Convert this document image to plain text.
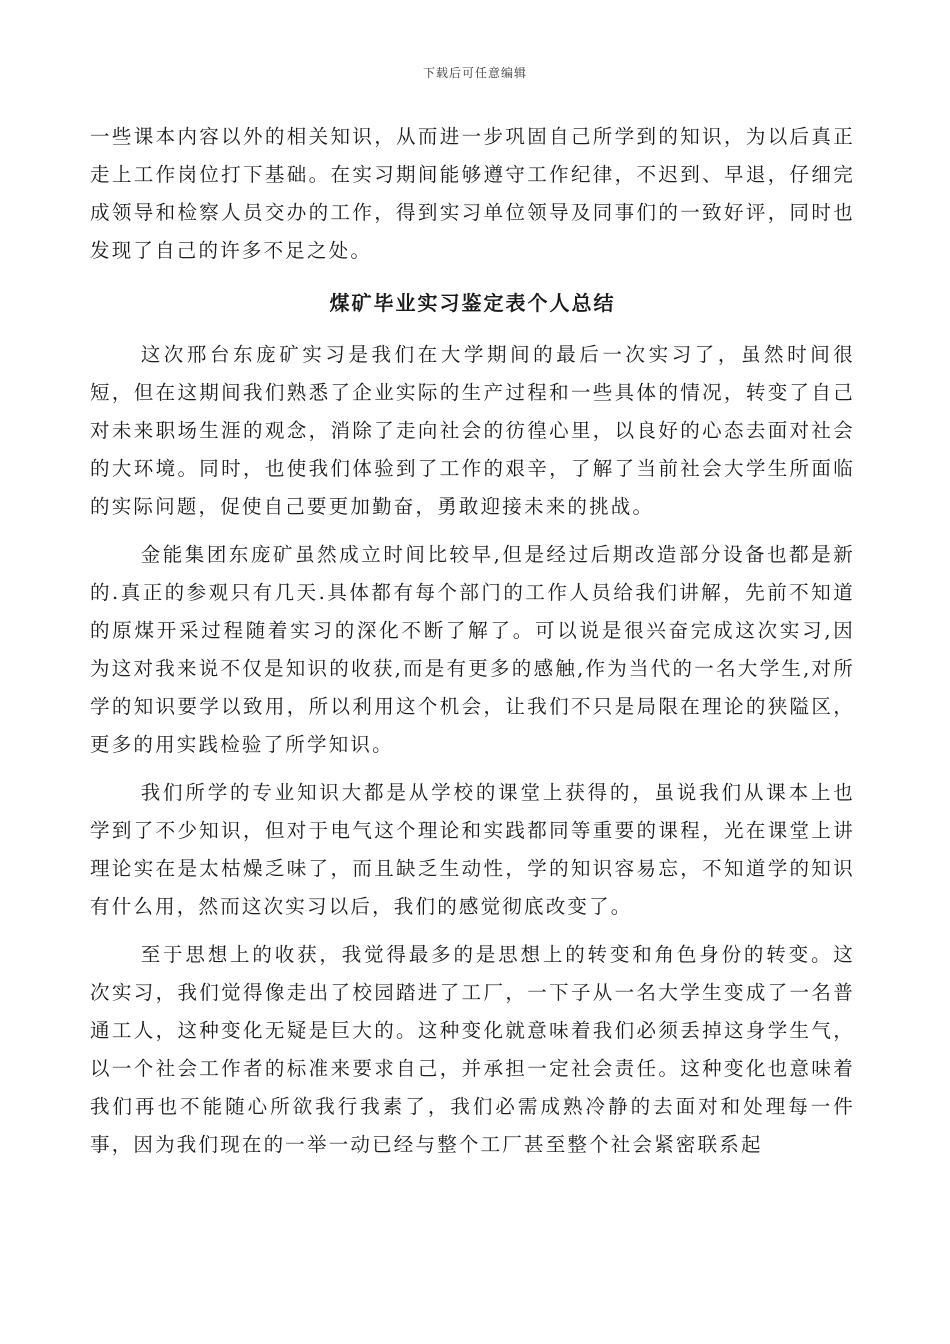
下载后可任意编辑

一些课本内容以外的相关知识，从而进一步巩固自己所学到的知识，为以后真正走上工作岗位打下基础。在实习期间能够遵守工作纪律，不迟到、早退，仔细完成领导和检察人员交办的工作，得到实习单位领导及同事们的一致好评，同时也发现了自己的许多不足之处。

煤矿毕业实习鉴定表个人总结

这次邢台东庞矿实习是我们在大学期间的最后一次实习了，虽然时间很短，但在这期间我们熟悉了企业实际的生产过程和一些具体的情况，转变了自己对未来职场生涯的观念，消除了走向社会的彷徨心里，以良好的心态去面对社会的大环境。同时，也使我们体验到了工作的艰辛，了解了当前社会大学生所面临的实际问题，促使自己要更加勤奋，勇敢迎接未来的挑战。

金能集团东庞矿虽然成立时间比较早,但是经过后期改造部分设备也都是新的.真正的参观只有几天.具体都有每个部门的工作人员给我们讲解，先前不知道的原煤开采过程随着实习的深化不断了解了。可以说是很兴奋完成这次实习,因为这对我来说不仅是知识的收获,而是有更多的感触,作为当代的一名大学生,对所学的知识要学以致用，所以利用这个机会，让我们不只是局限在理论的狭隘区，更多的用实践检验了所学知识。

我们所学的专业知识大都是从学校的课堂上获得的，虽说我们从课本上也学到了不少知识，但对于电气这个理论和实践都同等重要的课程，光在课堂上讲理论实在是太枯燥乏味了，而且缺乏生动性，学的知识容易忘，不知道学的知识有什么用，然而这次实习以后，我们的感觉彻底改变了。

至于思想上的收获，我觉得最多的是思想上的转变和角色身份的转变。这次实习，我们觉得像走出了校园踏进了工厂，一下子从一名大学生变成了一名普通工人，这种变化无疑是巨大的。这种变化就意味着我们必须丢掉这身学生气，以一个社会工作者的标准来要求自己，并承担一定社会责任。这种变化也意味着我们再也不能随心所欲我行我素了，我们必需成熟冷静的去面对和处理每一件事，因为我们现在的一举一动已经与整个工厂甚至整个社会紧密联系起
